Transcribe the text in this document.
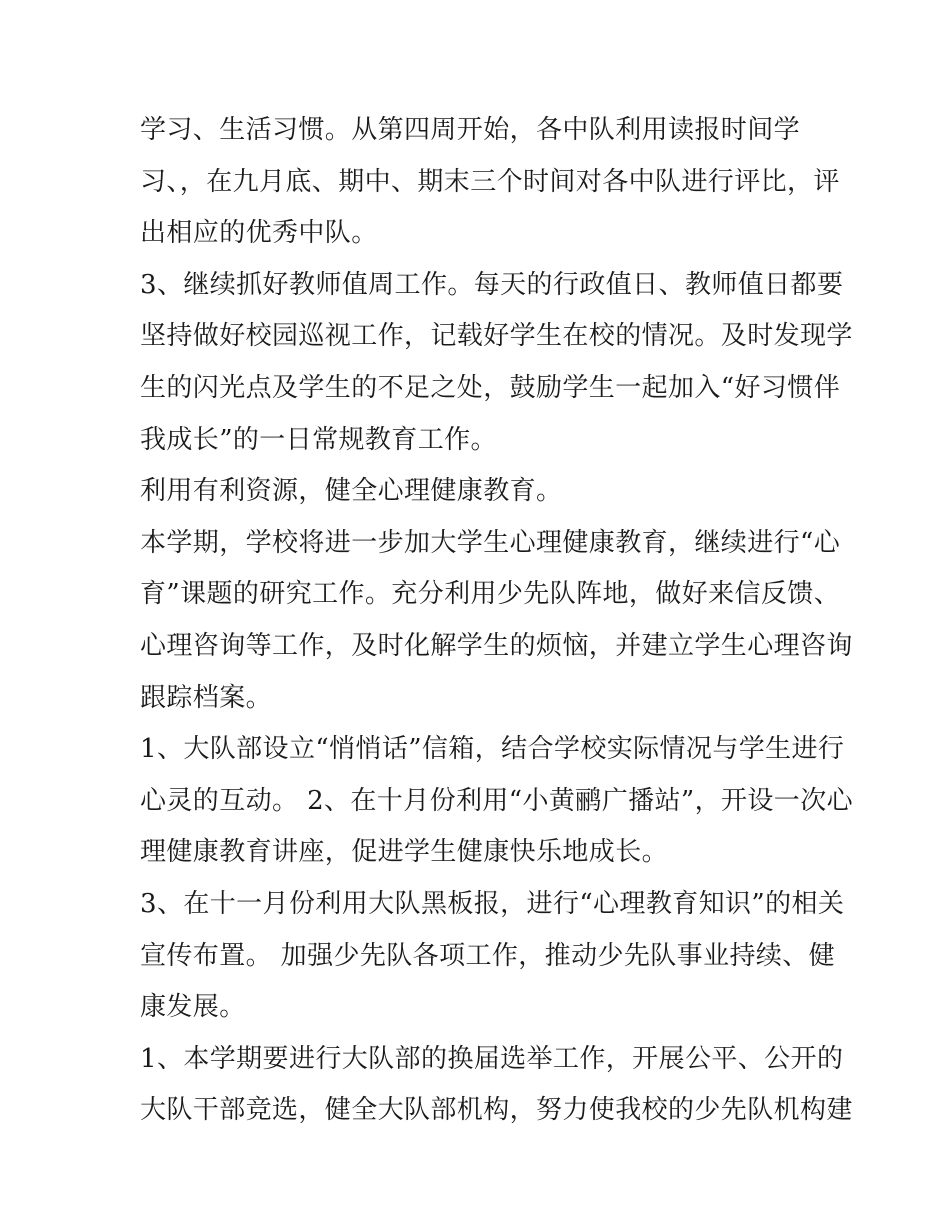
学习、生活习惯。从第四周开始，各中队利用读报时间学
习、，在九月底、期中、期末三个时间对各中队进行评比，评
出相应的优秀中队。
3、继续抓好教师值周工作。每天的行政值日、教师值日都要
坚持做好校园巡视工作，记载好学生在校的情况。及时发现学
生的闪光点及学生的不足之处，鼓励学生一起加入“好习惯伴
我成长”的一日常规教育工作。
利用有利资源，健全心理健康教育。
本学期，学校将进一步加大学生心理健康教育，继续进行“心
育”课题的研究工作。充分利用少先队阵地，做好来信反馈、
心理咨询等工作，及时化解学生的烦恼，并建立学生心理咨询
跟踪档案。
1、大队部设立“悄悄话”信箱，结合学校实际情况与学生进行
心灵的互动。 2、在十月份利用“小黄鹂广播站”，开设一次心
理健康教育讲座，促进学生健康快乐地成长。
3、在十一月份利用大队黑板报，进行“心理教育知识”的相关
宣传布置。 加强少先队各项工作，推动少先队事业持续、健
康发展。
1、本学期要进行大队部的换届选举工作，开展公平、公开的
大队干部竞选，健全大队部机构，努力使我校的少先队机构建
